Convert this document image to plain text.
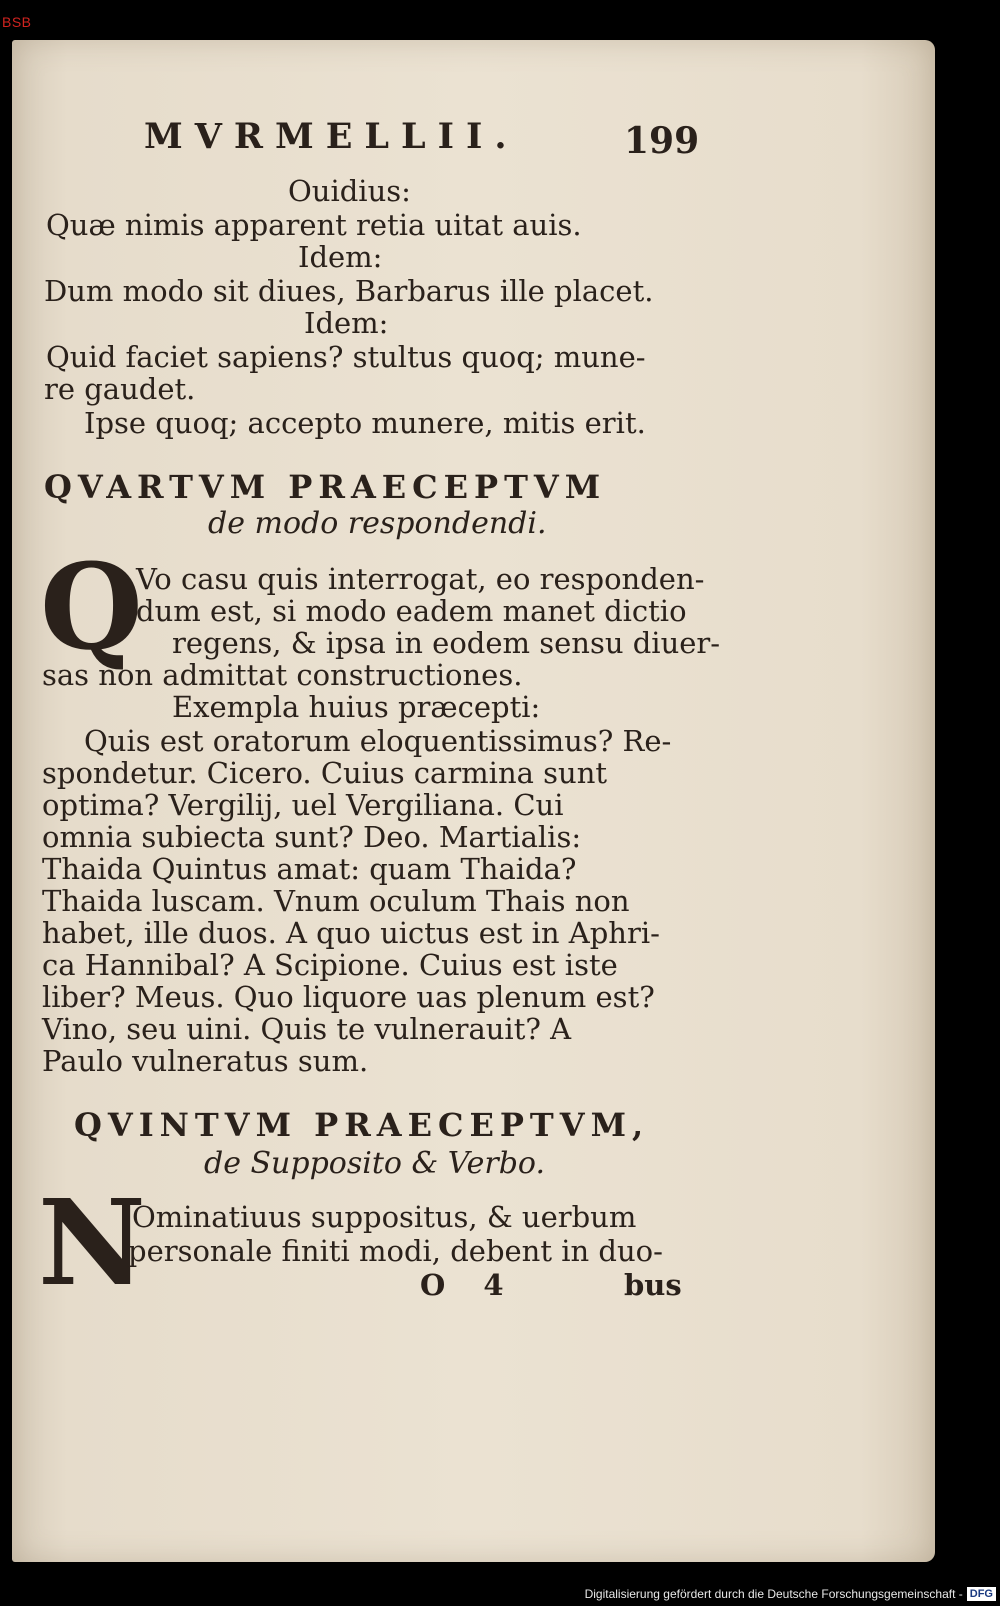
BSB
MVRMELLII.	199
Ouidius:
Quæ nimis apparent retia uitat auis.
Idem:
Dum modo sit diues, Barbarus ille placet.
Idem:
Quid faciet sapiens? stultus quoq; mune-
re gaudet.
Ipse quoq; accepto munere, mitis erit.
QVARTVM PRAECEPTVM
de modo respondendi.
Q
Vo casu quis interrogat, eo responden-
dum est, si modo eadem manet dictio
regens, & ipsa in eodem sensu diuer-
sas non admittat constructiones.
Exempla huius præcepti:
Quis est oratorum eloquentissimus? Re-
spondetur. Cicero. Cuius carmina sunt
optima? Vergilij, uel Vergiliana. Cui
omnia subiecta sunt? Deo. Martialis:
Thaida Quintus amat: quam Thaida?
Thaida luscam. Vnum oculum Thais non
habet, ille duos. A quo uictus est in Aphri-
ca Hannibal? A Scipione. Cuius est iste
liber? Meus. Quo liquore uas plenum est?
Vino, seu uini. Quis te vulnerauit? A
Paulo vulneratus sum.
QVINTVM PRAECEPTVM,
de Supposito & Verbo.
N
Ominatiuus suppositus, & uerbum
personale finiti modi, debent in duo-
O 4	bus
Digitalisierung gefördert durch die Deutsche Forschungsgemeinschaft - DFG
